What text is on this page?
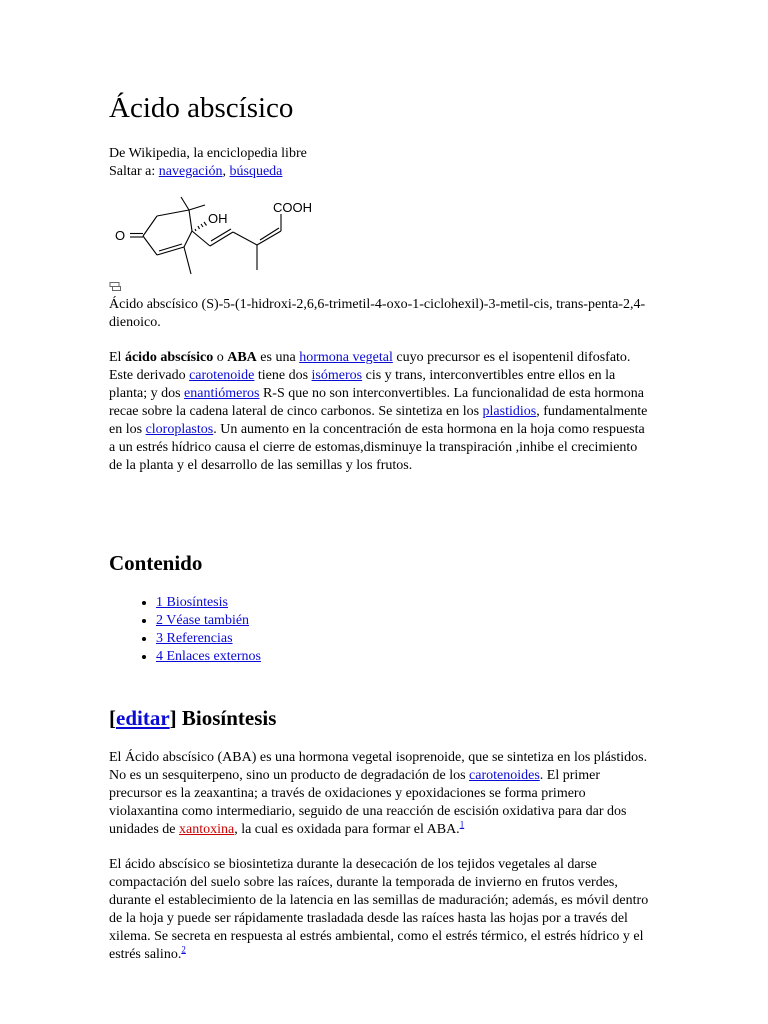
Ácido abscísico
De Wikipedia, la enciclopedia libre
Saltar a: navegación, búsqueda
O
OH
COOH

Ácido abscísico (S)-5-(1-hidroxi-2,6,6-trimetil-4-oxo-1-ciclohexil)-3-metil-cis, trans-penta-2,4-dienoico.

El ácido abscísico o ABA es una hormona vegetal cuyo precursor es el isopentenil difosfato. Este derivado carotenoide tiene dos isómeros cis y trans, interconvertibles entre ellos en la planta; y dos enantiómeros R-S que no son interconvertibles. La funcionalidad de esta hormona recae sobre la cadena lateral de cinco carbonos. Se sintetiza en los plastidios, fundamentalmente en los cloroplastos. Un aumento en la concentración de esta hormona en la hoja como respuesta a un estrés hídrico causa el cierre de estomas,disminuye la transpiración ,inhibe el crecimiento de la planta y el desarrollo de las semillas y los frutos.

Contenido
• 1 Biosíntesis
• 2 Véase también
• 3 Referencias
• 4 Enlaces externos
[editar] Biosíntesis

El Ácido abscísico (ABA) es una hormona vegetal isoprenoide, que se sintetiza en los plástidos. No es un sesquiterpeno, sino un producto de degradación de los carotenoides. El primer precursor es la zeaxantina; a través de oxidaciones y epoxidaciones se forma primero violaxantina como intermediario, seguido de una reacción de escisión oxidativa para dar dos unidades de xantoxina, la cual es oxidada para formar el ABA.$^1$

El ácido abscísico se biosintetiza durante la desecación de los tejidos vegetales al darse compactación del suelo sobre las raíces, durante la temporada de invierno en frutos verdes, durante el establecimiento de la latencia en las semillas de maduración; además, es móvil dentro de la hoja y puede ser rápidamente trasladada desde las raíces hasta las hojas por a través del xilema. Se secreta en respuesta al estrés ambiental, como el estrés térmico, el estrés hídrico y el estrés salino.$^2$
